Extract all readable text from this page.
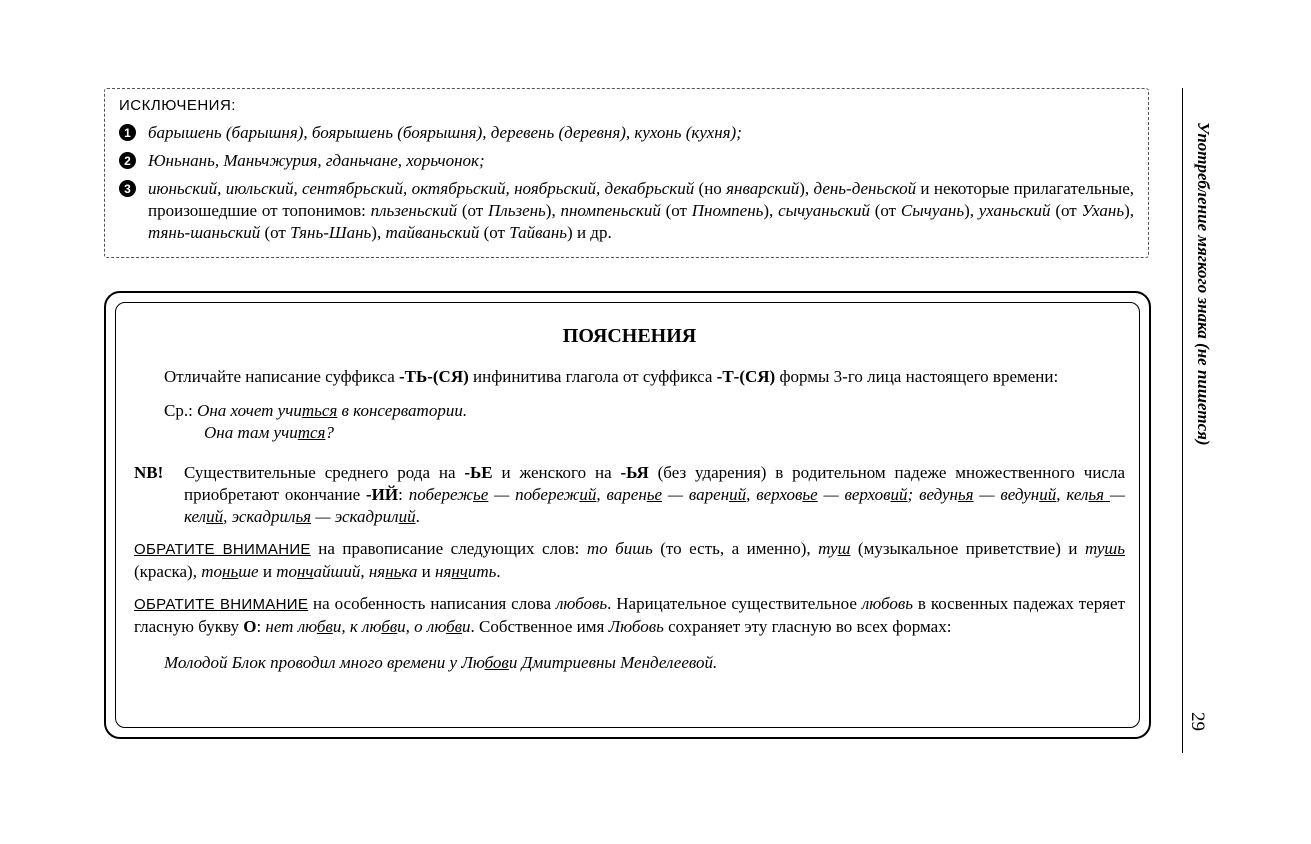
ИСКЛЮЧЕНИЯ:
1	барышень (барышня), боярышень (боярышня), деревень (деревня), кухонь (кухня);
2	Юньнань, Маньчжурия, гданьчане, хорьчонок;
3	июньский, июльский, сентябрьский, октябрьский, ноябрьский, декабрьский (но январский), день-деньской и некоторые прилагательные, произошедшие от топонимов: пльзеньский (от Пльзень), пномпеньский (от Пномпень), сычуаньский (от Сычуань), уханьский (от Ухань), тянь-шаньский (от Тянь-Шань), тайваньский (от Тайвань) и др.
ПОЯСНЕНИЯ

Отличайте написание суффикса -ТЬ-(СЯ) инфинитива глагола от суффикса -Т-(СЯ) формы 3-го лица настоящего времени:

Ср.: Она хочет учиться в консерватории.
Она там учится?
NB!	Существительные среднего рода на -ЬЕ и женского на -ЬЯ (без ударения) в родительном падеже множественного числа приобретают окончание -ИЙ: побережье — побережий, варенье — варений, верховье — верховий; ведунья — ведуний, келья — келий, эскадрилья — эскадрилий.

ОБРАТИТЕ ВНИМАНИЕ на правописание следующих слов: то бишь (то есть, а именно), туш (музыкальное приветствие) и тушь (краска), тоньше и тончайший, нянька и нянчить.

ОБРАТИТЕ ВНИМАНИЕ на особенность написания слова любовь. Нарицательное существительное любовь в косвенных падежах теряет гласную букву О: нет любви, к любви, о любви. Собственное имя Любовь сохраняет эту гласную во всех формах:

Молодой Блок проводил много времени у Любови Дмитриевны Менделеевой.

Употребление мягкого знака (не пишется)
29
